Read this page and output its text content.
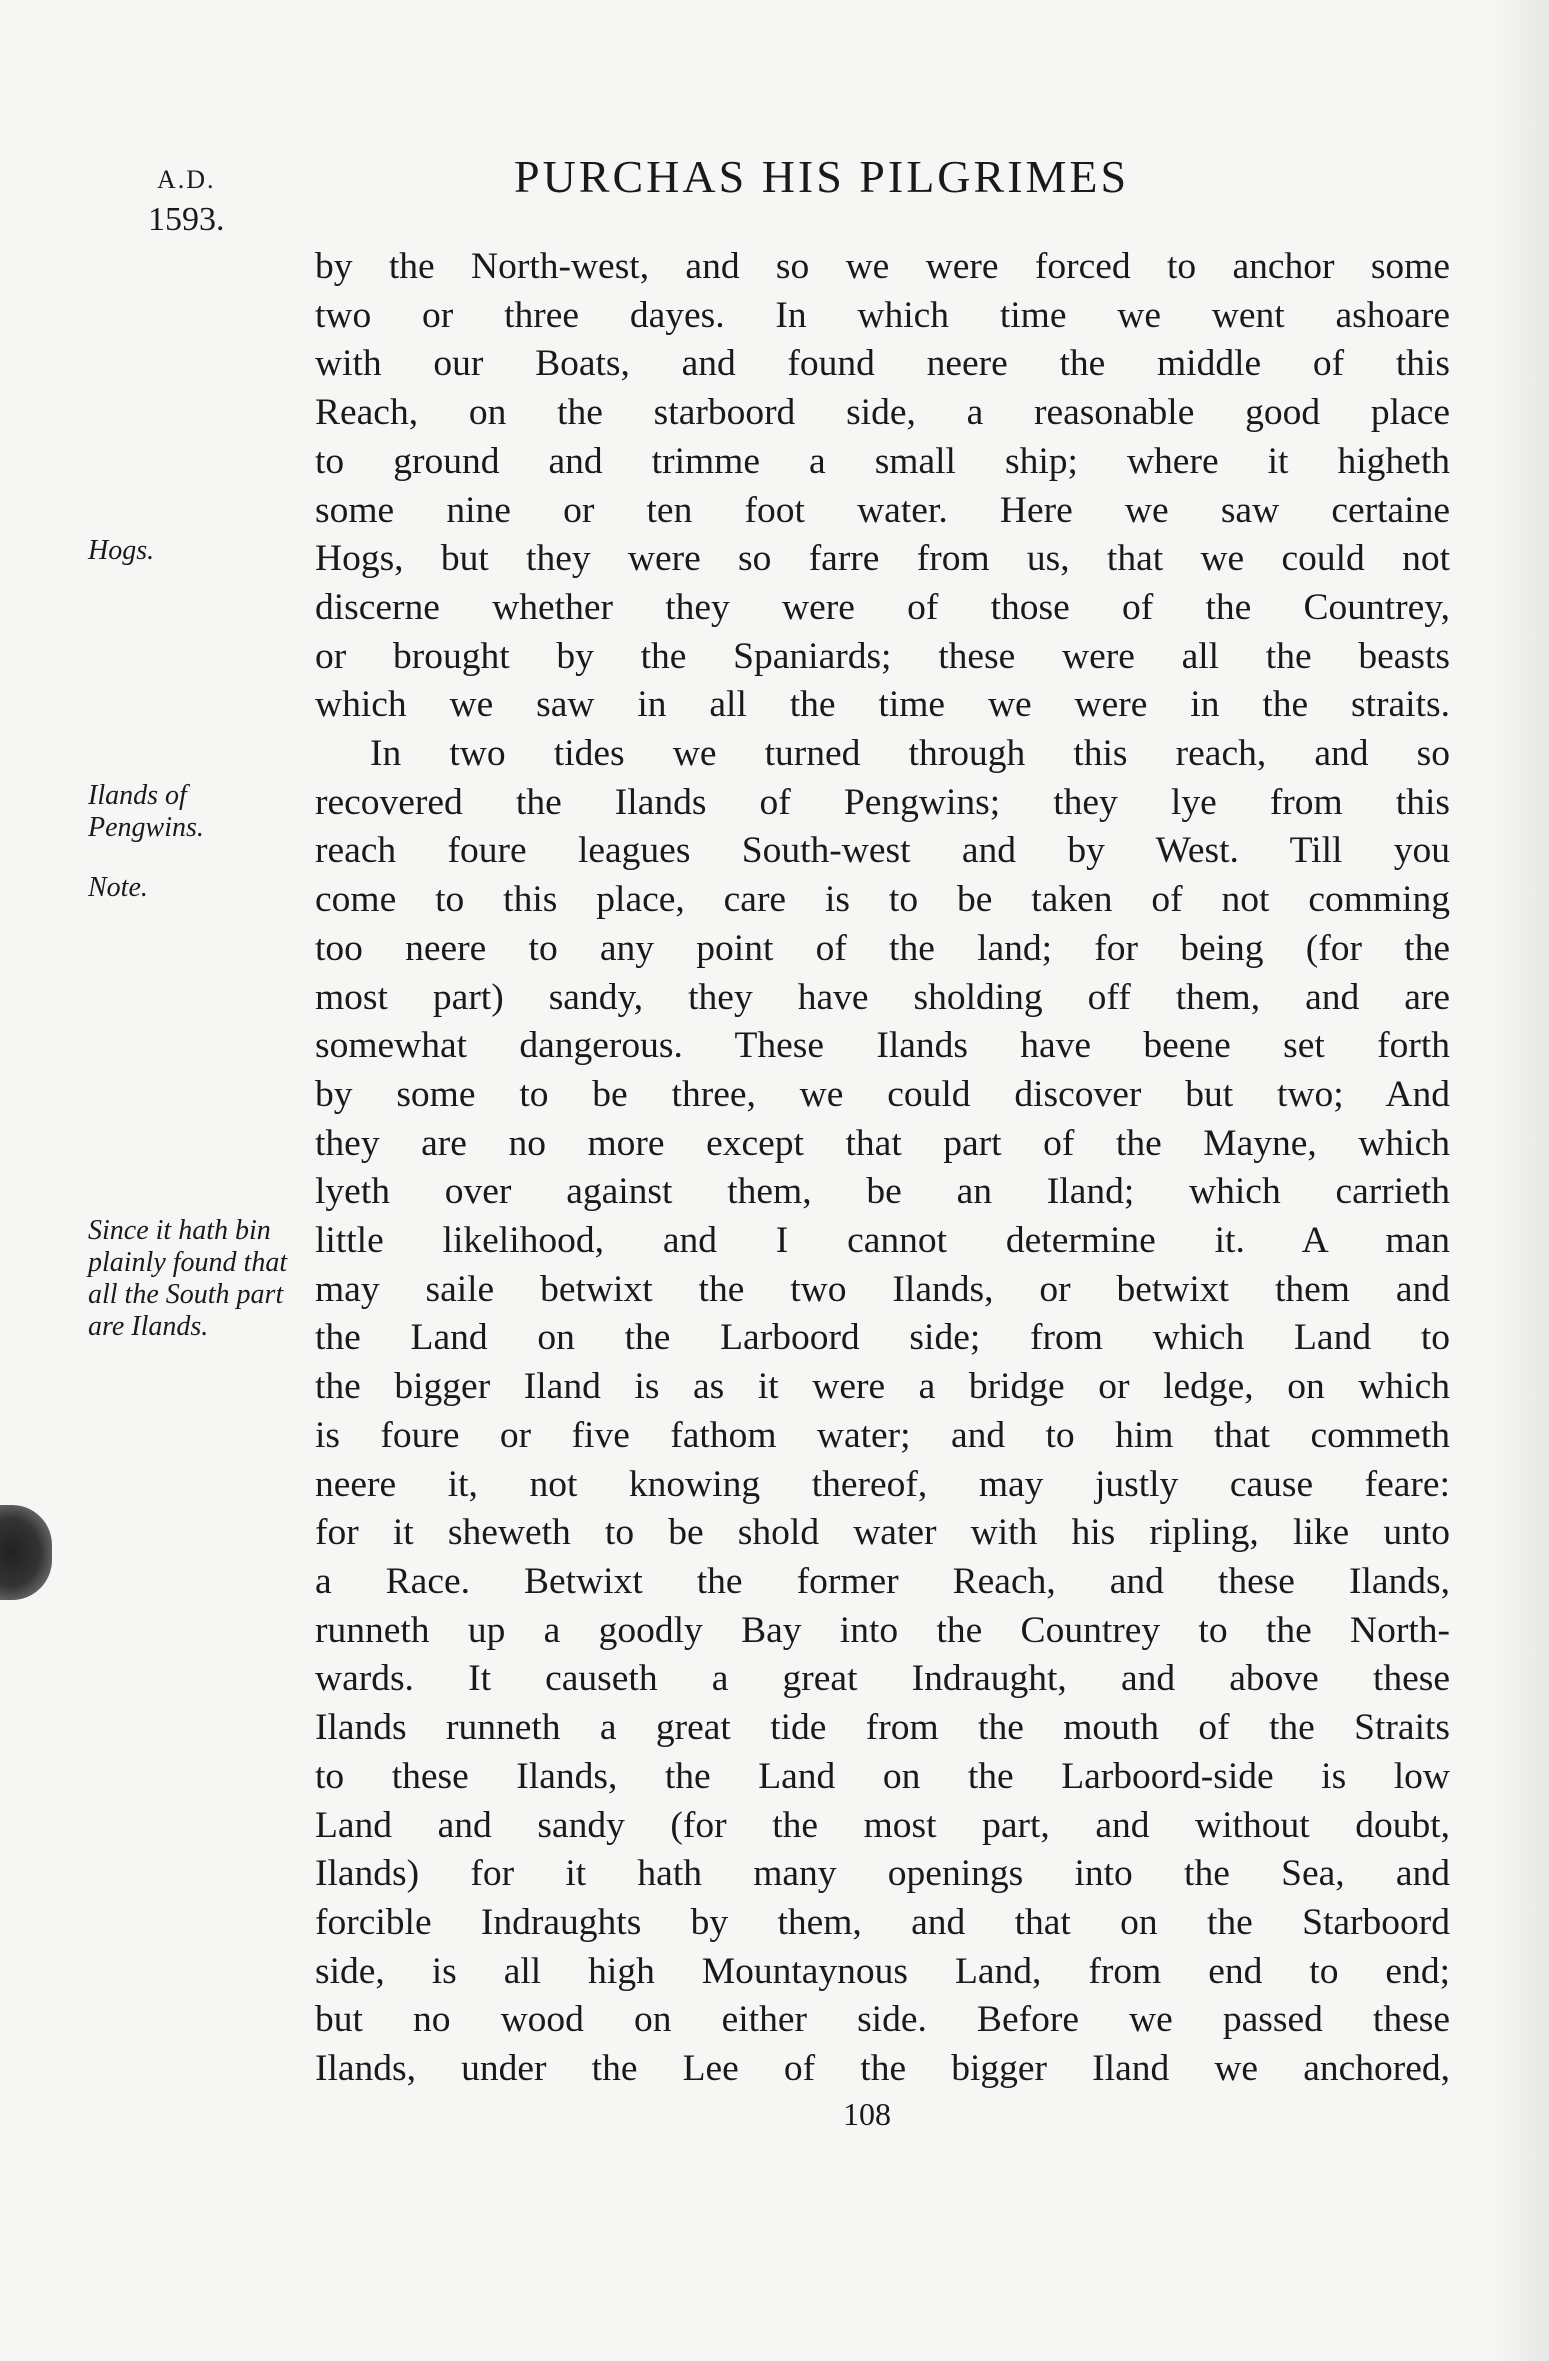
A.D.
1593.
PURCHAS HIS PILGRIMES
Hogs.
Ilands of Pengwins.
Note.
Since it hath bin plainly found that all the South part are Ilands.
by the North-west, and so we were forced to anchor some
two or three dayes. In which time we went ashoare
with our Boats, and found neere the middle of this
Reach, on the starboord side, a reasonable good place
to ground and trimme a small ship; where it higheth
some nine or ten foot water. Here we saw certaine
Hogs, but they were so farre from us, that we could not
discerne whether they were of those of the Countrey,
or brought by the Spaniards; these were all the beasts
which we saw in all the time we were in the straits.
In two tides we turned through this reach, and so
recovered the Ilands of Pengwins; they lye from this
reach foure leagues South-west and by West. Till you
come to this place, care is to be taken of not comming
too neere to any point of the land; for being (for the
most part) sandy, they have sholding off them, and are
somewhat dangerous. These Ilands have beene set forth
by some to be three, we could discover but two; And
they are no more except that part of the Mayne, which
lyeth over against them, be an Iland; which carrieth
little likelihood, and I cannot determine it. A man
may saile betwixt the two Ilands, or betwixt them and
the Land on the Larboord side; from which Land to
the bigger Iland is as it were a bridge or ledge, on which
is foure or five fathom water; and to him that commeth
neere it, not knowing thereof, may justly cause feare:
for it sheweth to be shold water with his ripling, like unto
a Race. Betwixt the former Reach, and these Ilands,
runneth up a goodly Bay into the Countrey to the North-
wards. It causeth a great Indraught, and above these
Ilands runneth a great tide from the mouth of the Straits
to these Ilands, the Land on the Larboord-side is low
Land and sandy (for the most part, and without doubt,
Ilands) for it hath many openings into the Sea, and
forcible Indraughts by them, and that on the Starboord
side, is all high Mountaynous Land, from end to end;
but no wood on either side. Before we passed these
Ilands, under the Lee of the bigger Iland we anchored,
108
